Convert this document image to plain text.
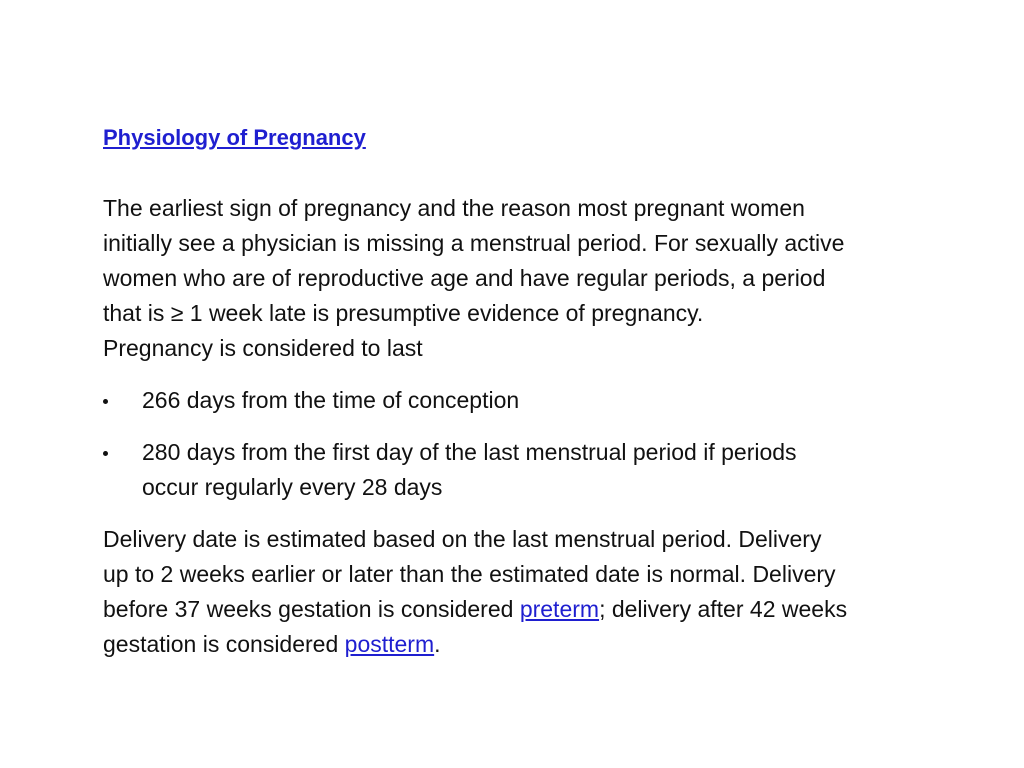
Physiology of Pregnancy

The earliest sign of pregnancy and the reason most pregnant women
initially see a physician is missing a menstrual period. For sexually active
women who are of reproductive age and have regular periods, a period
that is ≥ 1 week late is presumptive evidence of pregnancy.
Pregnancy is considered to last

266 days from the time of conception
280 days from the first day of the last menstrual period if periods
occur regularly every 28 days

Delivery date is estimated based on the last menstrual period. Delivery
up to 2 weeks earlier or later than the estimated date is normal. Delivery
before 37 weeks gestation is considered preterm; delivery after 42 weeks
gestation is considered postterm.
